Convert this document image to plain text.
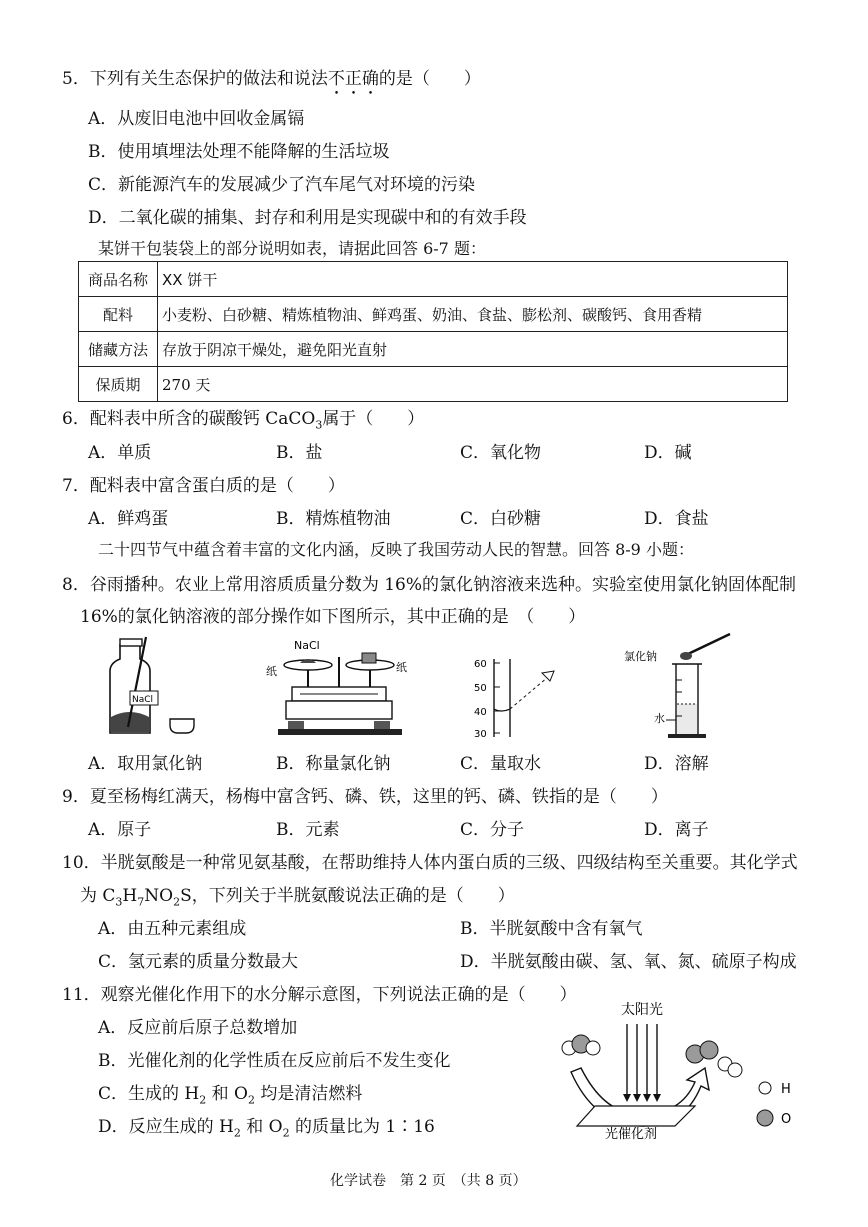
5．下列有关生态保护的做法和说法不正确的是（　　）
A．从废旧电池中回收金属镉
B．使用填埋法处理不能降解的生活垃圾
C．新能源汽车的发展减少了汽车尾气对环境的污染
D．二氧化碳的捕集、封存和利用是实现碳中和的有效手段
某饼干包装袋上的部分说明如表，请据此回答 6-7 题：
商品名称	XX 饼干
配料	小麦粉、白砂糖、精炼植物油、鲜鸡蛋、奶油、食盐、膨松剂、碳酸钙、食用香精
储藏方法	存放于阴凉干燥处，避免阳光直射
保质期	270 天
6．配料表中所含的碳酸钙 CaCO$_3$属于（　　）
A．单质	B．盐	C．氧化物	D．碱
7．配料表中富含蛋白质的是（　　）
A．鲜鸡蛋	B．精炼植物油	C．白砂糖	D．食盐
二十四节气中蕴含着丰富的文化内涵，反映了我国劳动人民的智慧。回答 8-9 小题：
8．谷雨播种。农业上常用溶质质量分数为 16%的氯化钠溶液来选种。实验室使用氯化钠固体配制
16%的氯化钠溶液的部分操作如下图所示，其中正确的是　（　　）
NaCl
NaCl
纸	纸	60
50
40
30
氯化钠
水
A．取用氯化钠	B．称量氯化钠	C．量取水	D．溶解
9．夏至杨梅红满天，杨梅中富含钙、磷、铁，这里的钙、磷、铁指的是（　　）
A．原子	B．元素	C．分子	D．离子
10．半胱氨酸是一种常见氨基酸，在帮助维持人体内蛋白质的三级、四级结构至关重要。其化学式
为 $C_3H_7NO_2S$，下列关于半胱氨酸说法正确的是（　　）
A．由五种元素组成	B．半胱氨酸中含有氧气
C．氢元素的质量分数最大	D．半胱氨酸由碳、氢、氧、氮、硫原子构成
11．观察光催化作用下的水分解示意图，下列说法正确的是（　　）
A．反应前后原子总数增加
B．光催化剂的化学性质在反应前后不发生变化
C．生成的 $H_2$ 和 $O_2$ 均是清洁燃料
D．反应生成的 $H_2$ 和 $O_2$ 的质量比为 1∶16
太阳光
光催化剂
H
O
化学试卷　第 2 页　（共 8 页）
